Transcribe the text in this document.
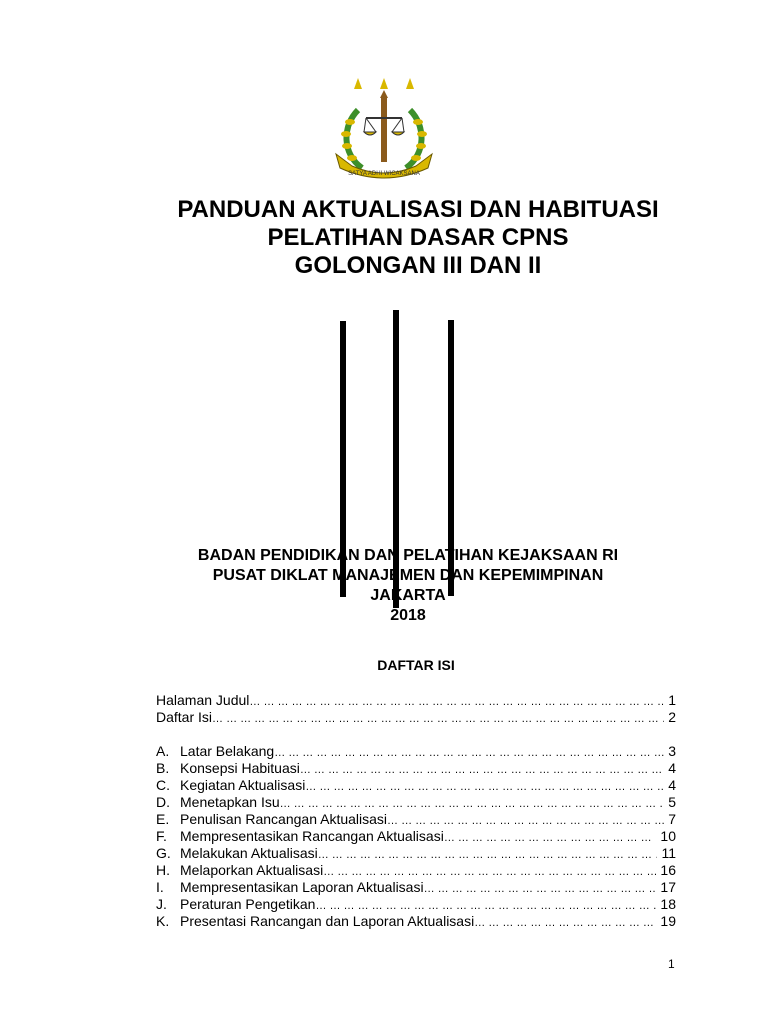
SATYA ADHI WICAKSANA
PANDUAN AKTUALISASI DAN HABITUASI
PELATIHAN DASAR CPNS
GOLONGAN III DAN II
BADAN PENDIDIKAN DAN PELATIHAN KEJAKSAAN RI
PUSAT DIKLAT MANAJEMEN DAN KEPEMIMPINAN
JAKARTA
2018
DAFTAR ISI
Halaman Judul … … … … … … … … … … … … … … … … … … … … … … … … … … … … … … … … … … … … … … … … … …	1
Daftar Isi … … … … … … … … … … … … … … … … … … … … … … … … … … … … … … … … … … … … … … … … … …	2
A. Latar Belakang … … … … … … … … … … … … … … … … … … … … … … … … … … … … … … … … … … … … … … … … … …	3
B. Konsepsi Habituasi … … … … … … … … … … … … … … … … … … … … … … … … … … … … … … … … … … … … … … … … … …	4
C. Kegiatan Aktualisasi … … … … … … … … … … … … … … … … … … … … … … … … … … … … … … … … … … … … … … … … … …	4
D. Menetapkan Isu … … … … … … … … … … … … … … … … … … … … … … … … … … … … … … … … … … … … … … … … … …	5
E. Penulisan Rancangan Aktualisasi … … … … … … … … … … … … … … … … … … … … … … … … … … … … … … … … … … … … … … … … … …	7
F. Mempresentasikan Rancangan Aktualisasi … … … … … … … … … … … … … … … … … … … … … … … … … … … … … … … … … … … … … … … … … …	10
G. Melakukan Aktualisasi … … … … … … … … … … … … … … … … … … … … … … … … … … … … … … … … … … … … … … … … … …	11
H. Melaporkan Aktualisasi … … … … … … … … … … … … … … … … … … … … … … … … … … … … … … … … … … … … … … … … … …	16
I.	Mempresentasikan Laporan Aktualisasi … … … … … … … … … … … … … … … … … … … … … … … … … … … … … … … … … … … … … … … … … …	17
J. Peraturan Pengetikan … … … … … … … … … … … … … … … … … … … … … … … … … … … … … … … … … … … … … … … … … …	18
K. Presentasi Rancangan dan Laporan Aktualisasi … … … … … … … … … … … … … … … … … … … … … … … … … … … … … … … … … … … … … … … … … …	19
1
